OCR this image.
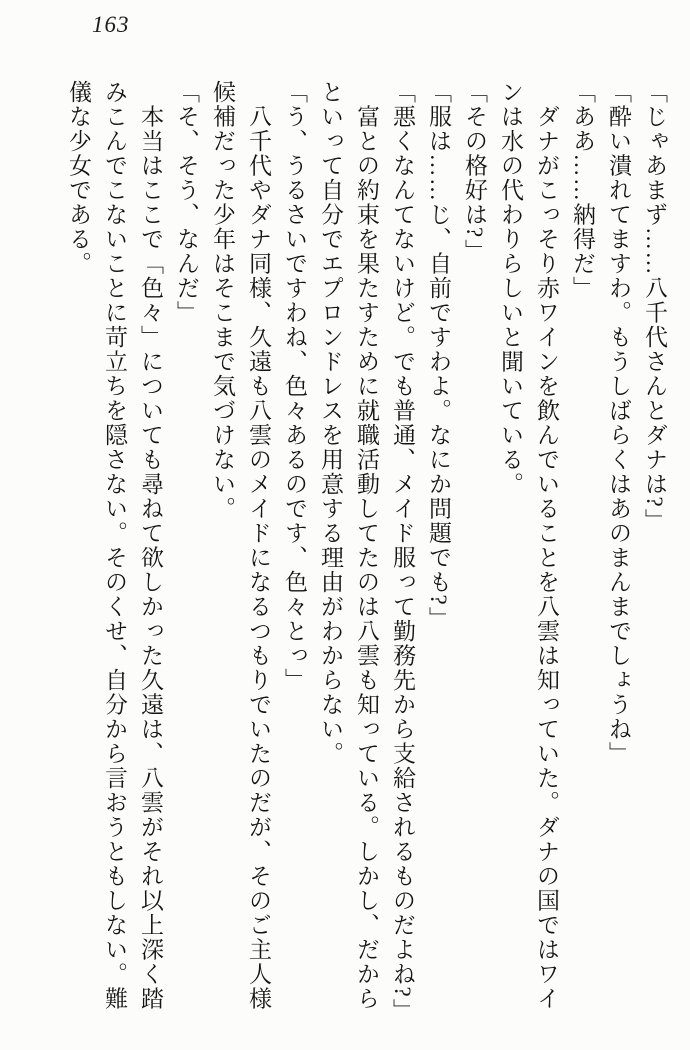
163

「じゃあまず……八千代さんとダナは?」

「酔い潰れてますわ。もうしばらくはあのまんまでしょうね」

「ああ……納得だ」

　ダナがこっそり赤ワインを飲んでいることを八雲は知っていた。ダナの国ではワイ

ンは水の代わりらしいと聞いている。

「その格好は?」

「服は……じ、自前ですわよ。なにか問題でも?」

「悪くなんてないけど。でも普通、メイド服って勤務先から支給されるものだよね?」

　富との約束を果たすために就職活動してたのは八雲も知っている。しかし、だから

といって自分でエプロンドレスを用意する理由がわからない。

「う、うるさいですわね、色々あるのです、色々とっ」

　八千代やダナ同様、久遠も八雲のメイドになるつもりでいたのだが、そのご主人様

候補だった少年はそこまで気づけない。

「そ、そう、なんだ」

　本当はここで「色々」についても尋ねて欲しかった久遠は、八雲がそれ以上深く踏

みこんでこないことに苛立ちを隠さない。そのくせ、自分から言おうともしない。難

儀な少女である。
